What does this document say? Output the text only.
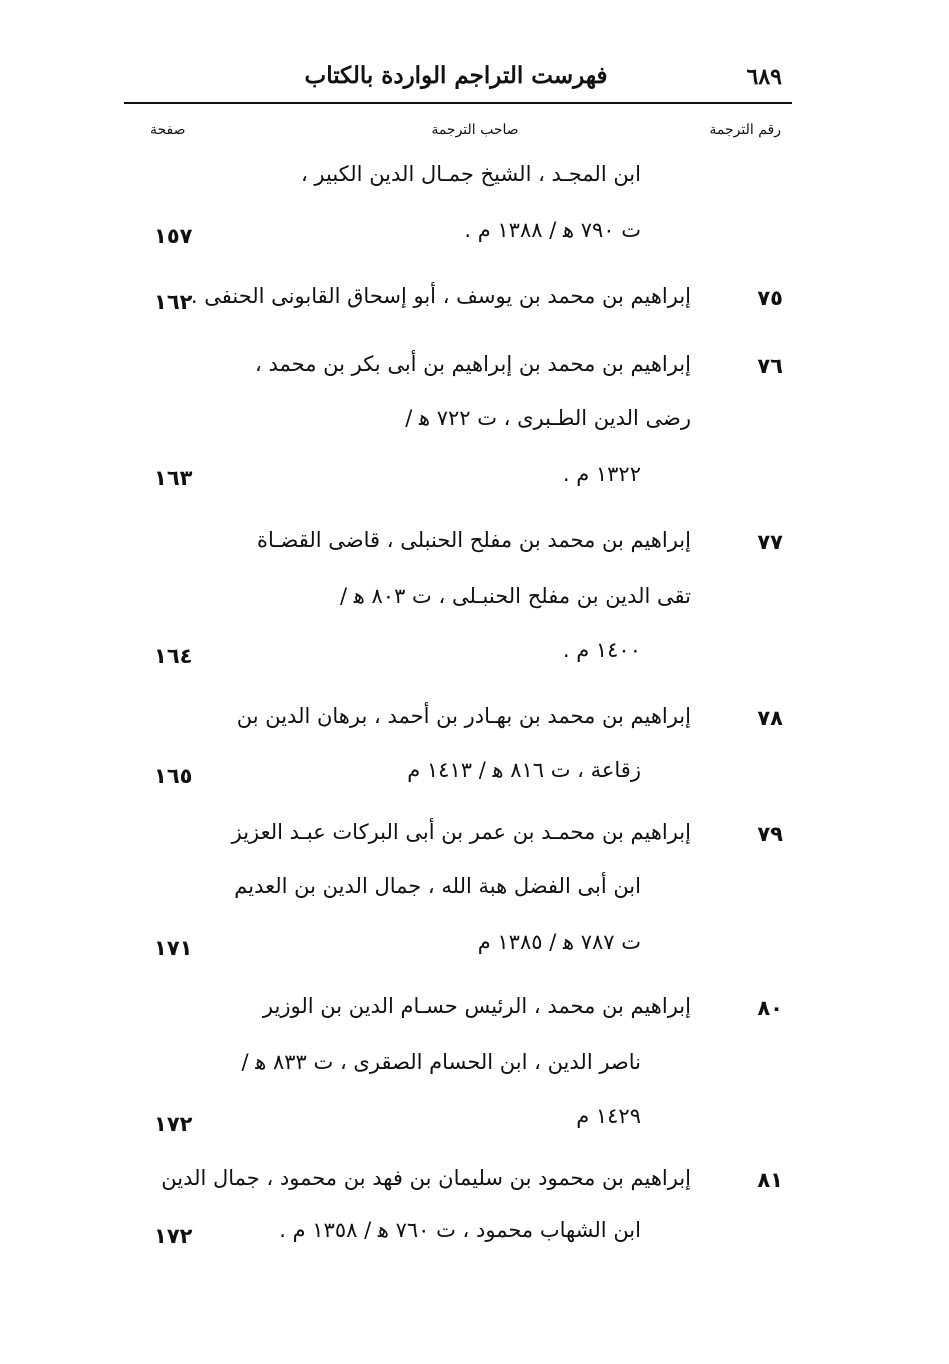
٦٨٩
فهرست التراجم الواردة بالكتاب
رقم الترجمة
صاحب الترجمة
صفحة
ابن المجـد ، الشيخ جمـال الدين الكبير ،
ت ٧٩٠ ﻫ / ١٣٨٨ م .
١٥٧
٧٥
إبراهيم بن محمد بن يوسف ، أبو إسحاق القابونى الحنفى .
١٦٢
٧٦
إبراهيم بن محمد بن إبراهيم بن أبى بكر بن محمد ،
رضى الدين الطـبرى ، ت ٧٢٢ ﻫ /
١٣٢٢ م .
١٦٣
٧٧
إبراهيم بن محمد بن مفلح الحنبلى ، قاضى القضـاة
تقى الدين بن مفلح الحنبـلى ، ت ٨٠٣ ﻫ /
١٤٠٠ م .
١٦٤
٧٨
إبراهيم بن محمد بن بهـادر بن أحمد ، برهان الدين بن
زقاعة ، ت ٨١٦ ﻫ / ١٤١٣ م
١٦٥
٧٩
إبراهيم بن محمـد بن عمر بن أبى البركات عبـد العزيز
ابن أبى الفضل هبة الله ، جمال الدين بن العديم
ت ٧٨٧ ﻫ / ١٣٨٥ م
١٧١
٨٠
إبراهيم بن محمد ، الرئيس حسـام الدين بن الوزير
ناصر الدين ، ابن الحسام الصقرى ، ت ٨٣٣ ﻫ /
١٤٢٩ م
١٧٢
٨١
إبراهيم بن محمود بن سليمان بن فهد بن محمود ، جمال الدين
ابن الشهاب محمود ، ت ٧٦٠ ﻫ / ١٣٥٨ م .
١٧٢
